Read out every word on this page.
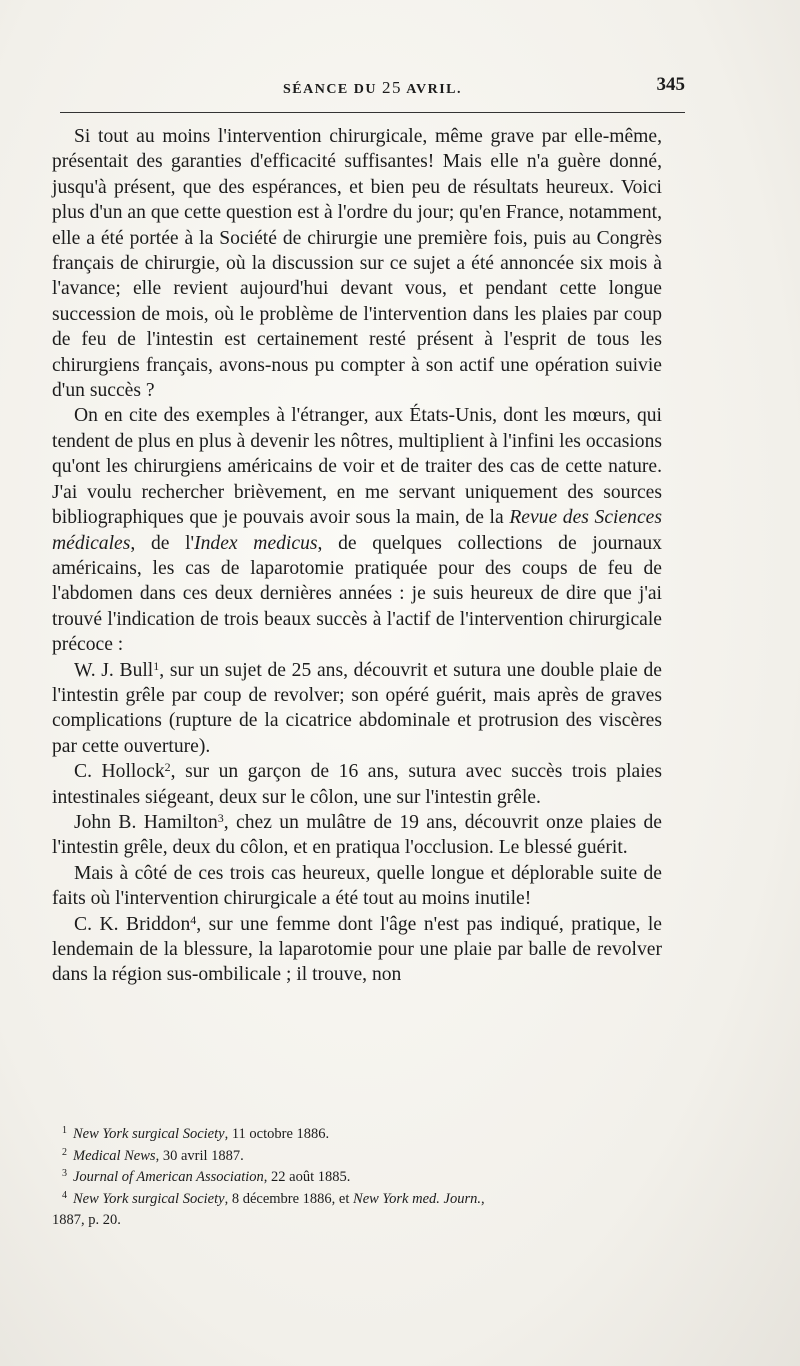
SÉANCE DU 25 AVRIL.	345

Si tout au moins l'intervention chirurgicale, même grave par elle-même, présentait des garanties d'efficacité suffisantes! Mais elle n'a guère donné, jusqu'à présent, que des espérances, et bien peu de résultats heureux. Voici plus d'un an que cette question est à l'ordre du jour; qu'en France, notamment, elle a été portée à la Société de chirurgie une première fois, puis au Congrès français de chirurgie, où la discussion sur ce sujet a été annoncée six mois à l'avance; elle revient aujourd'hui devant vous, et pendant cette longue succession de mois, où le problème de l'intervention dans les plaies par coup de feu de l'intestin est certainement resté présent à l'esprit de tous les chirurgiens français, avons-nous pu compter à son actif une opération suivie d'un succès ?

On en cite des exemples à l'étranger, aux États-Unis, dont les mœurs, qui tendent de plus en plus à devenir les nôtres, multiplient à l'infini les occasions qu'ont les chirurgiens américains de voir et de traiter des cas de cette nature. J'ai voulu rechercher brièvement, en me servant uniquement des sources bibliographiques que je pouvais avoir sous la main, de la Revue des Sciences médicales, de l'Index medicus, de quelques collections de journaux américains, les cas de laparotomie pratiquée pour des coups de feu de l'abdomen dans ces deux dernières années : je suis heureux de dire que j'ai trouvé l'indication de trois beaux succès à l'actif de l'intervention chirurgicale précoce :

W. J. Bull$^1$, sur un sujet de 25 ans, découvrit et sutura une double plaie de l'intestin grêle par coup de revolver; son opéré guérit, mais après de graves complications (rupture de la cicatrice abdominale et protrusion des viscères par cette ouverture).

C. Hollock$^2$, sur un garçon de 16 ans, sutura avec succès trois plaies intestinales siégeant, deux sur le côlon, une sur l'intestin grêle.

John B. Hamilton$^3$, chez un mulâtre de 19 ans, découvrit onze plaies de l'intestin grêle, deux du côlon, et en pratiqua l'occlusion. Le blessé guérit.

Mais à côté de ces trois cas heureux, quelle longue et déplorable suite de faits où l'intervention chirurgicale a été tout au moins inutile!

C. K. Briddon$^4$, sur une femme dont l'âge n'est pas indiqué, pratique, le lendemain de la blessure, la laparotomie pour une plaie par balle de revolver dans la région sus-ombilicale ; il trouve, non

$^1$ New York surgical Society, 11 octobre 1886.

$^2$ Medical News, 30 avril 1887.

$^3$ Journal of American Association, 22 août 1885.

$^4$ New York surgical Society, 8 décembre 1886, et New York med. Journ.,

1887, p. 20.
